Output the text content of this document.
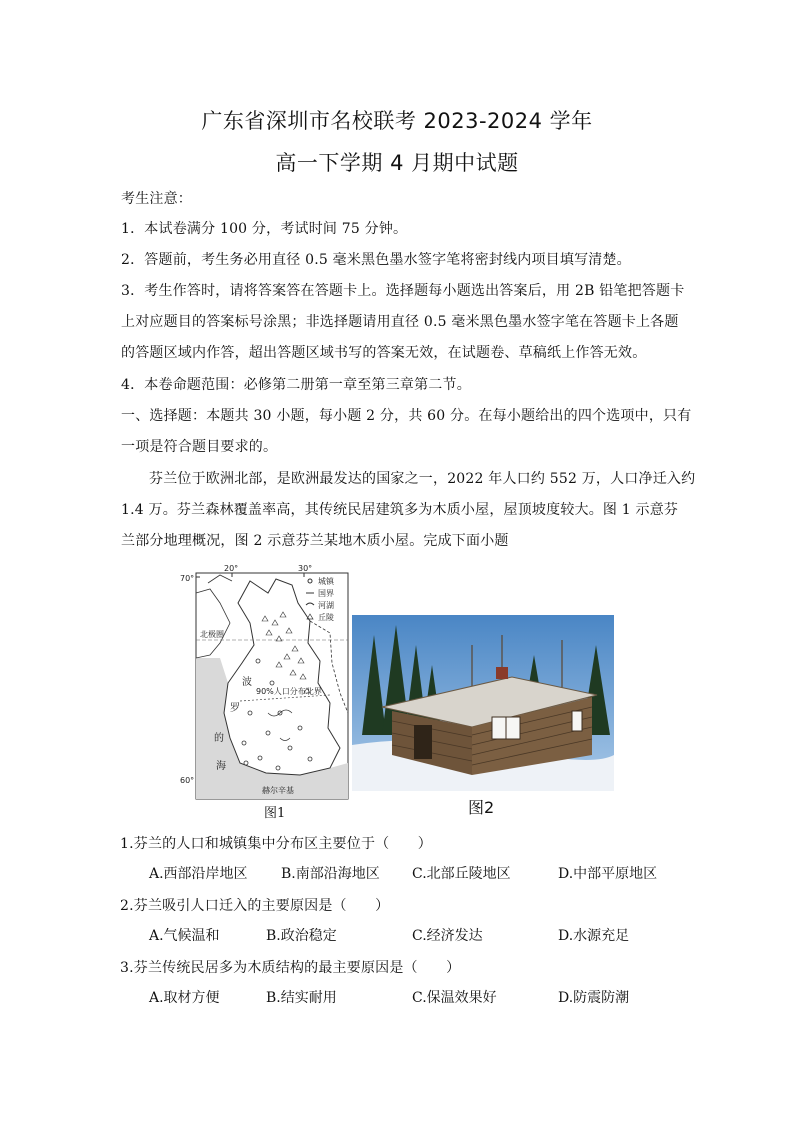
广东省深圳市名校联考 2023-2024 学年
高一下学期 4 月期中试题
考生注意：
1．本试卷满分 100 分，考试时间 75 分钟。
2．答题前，考生务必用直径 0.5 毫米黑色墨水签字笔将密封线内项目填写清楚。
3．考生作答时，请将答案答在答题卡上。选择题每小题选出答案后，用 2B 铅笔把答题卡
上对应题目的答案标号涂黑；非选择题请用直径 0.5 毫米黑色墨水签字笔在答题卡上各题
的答题区域内作答，超出答题区域书写的答案无效，在试题卷、草稿纸上作答无效。
4．本卷命题范围：必修第二册第一章至第三章第二节。
一、选择题：本题共 30 小题，每小题 2 分，共 60 分。在每小题给出的四个选项中，只有
一项是符合题目要求的。
芬兰位于欧洲北部，是欧洲最发达的国家之一，2022 年人口约 552 万，人口净迁入约
1.4 万。芬兰森林覆盖率高，其传统民居建筑多为木质小屋，屋顶坡度较大。图 1 示意芬
兰部分地理概况，图 2 示意芬兰某地木质小屋。完成下面小题
70°
60°
20°	30°
北极圈
90%人口分布北界
波
罗
的
海
赫尔辛基
城镇
国界
河湖
丘陵
图1	图2
1.芬兰的人口和城镇集中分布区主要位于（　　）
A.西部沿岸地区 B.南部沿海地区 C.北部丘陵地区	D.中部平原地区
2.芬兰吸引人口迁入的主要原因是（　　）
A.气候温和	B.政治稳定	C.经济发达	D.水源充足
3.芬兰传统民居多为木质结构的最主要原因是（　　）
A.取材方便	B.结实耐用	C.保温效果好	D.防震防潮
